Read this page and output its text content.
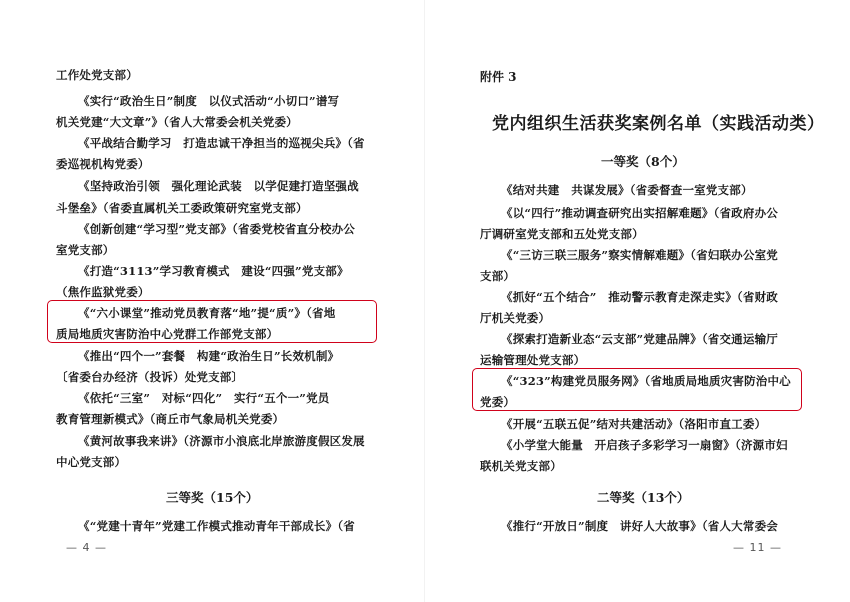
工作处党支部）
《实行“政治生日”制度　以仪式活动“小切口”谱写
机关党建“大文章”》（省人大常委会机关党委）
《平战结合勤学习　打造忠诚干净担当的巡视尖兵》（省
委巡视机构党委）
《坚持政治引领　强化理论武装　以学促建打造坚强战
斗堡垒》（省委直属机关工委政策研究室党支部）
《创新创建“学习型”党支部》（省委党校省直分校办公
室党支部）
《打造“3113”学习教育模式　建设“四强”党支部》
（焦作监狱党委）
《“六小课堂”推动党员教育落“地”提“质”》（省地
质局地质灾害防治中心党群工作部党支部）
《推出“四个一”套餐　构建“政治生日”长效机制》
〔省委台办经济（投诉）处党支部〕
《依托“三室”　对标“四化”　实行“五个一”党员
教育管理新模式》（商丘市气象局机关党委）
《黄河故事我来讲》（济源市小浪底北岸旅游度假区发展
中心党支部）
三等奖（15个）
《“党建十青年”党建工作模式推动青年干部成长》（省
— 4 —
附件 3
党内组织生活获奖案例名单（实践活动类）
一等奖（8个）
《结对共建　共谋发展》（省委督查一室党支部）
《以“四行”推动调查研究出实招解难题》（省政府办公
厅调研室党支部和五处党支部）
《“三访三联三服务”察实情解难题》（省妇联办公室党
支部）
《抓好“五个结合”　推动警示教育走深走实》（省财政
厅机关党委）
《探索打造新业态“云支部”党建品牌》（省交通运输厅
运输管理处党支部）
《“323”构建党员服务网》（省地质局地质灾害防治中心
党委）
《开展“五联五促”结对共建活动》（洛阳市直工委）
《小学堂大能量　开启孩子多彩学习一扇窗》（济源市妇
联机关党支部）
二等奖（13个）
《推行“开放日”制度　讲好人大故事》（省人大常委会
— 11 —
